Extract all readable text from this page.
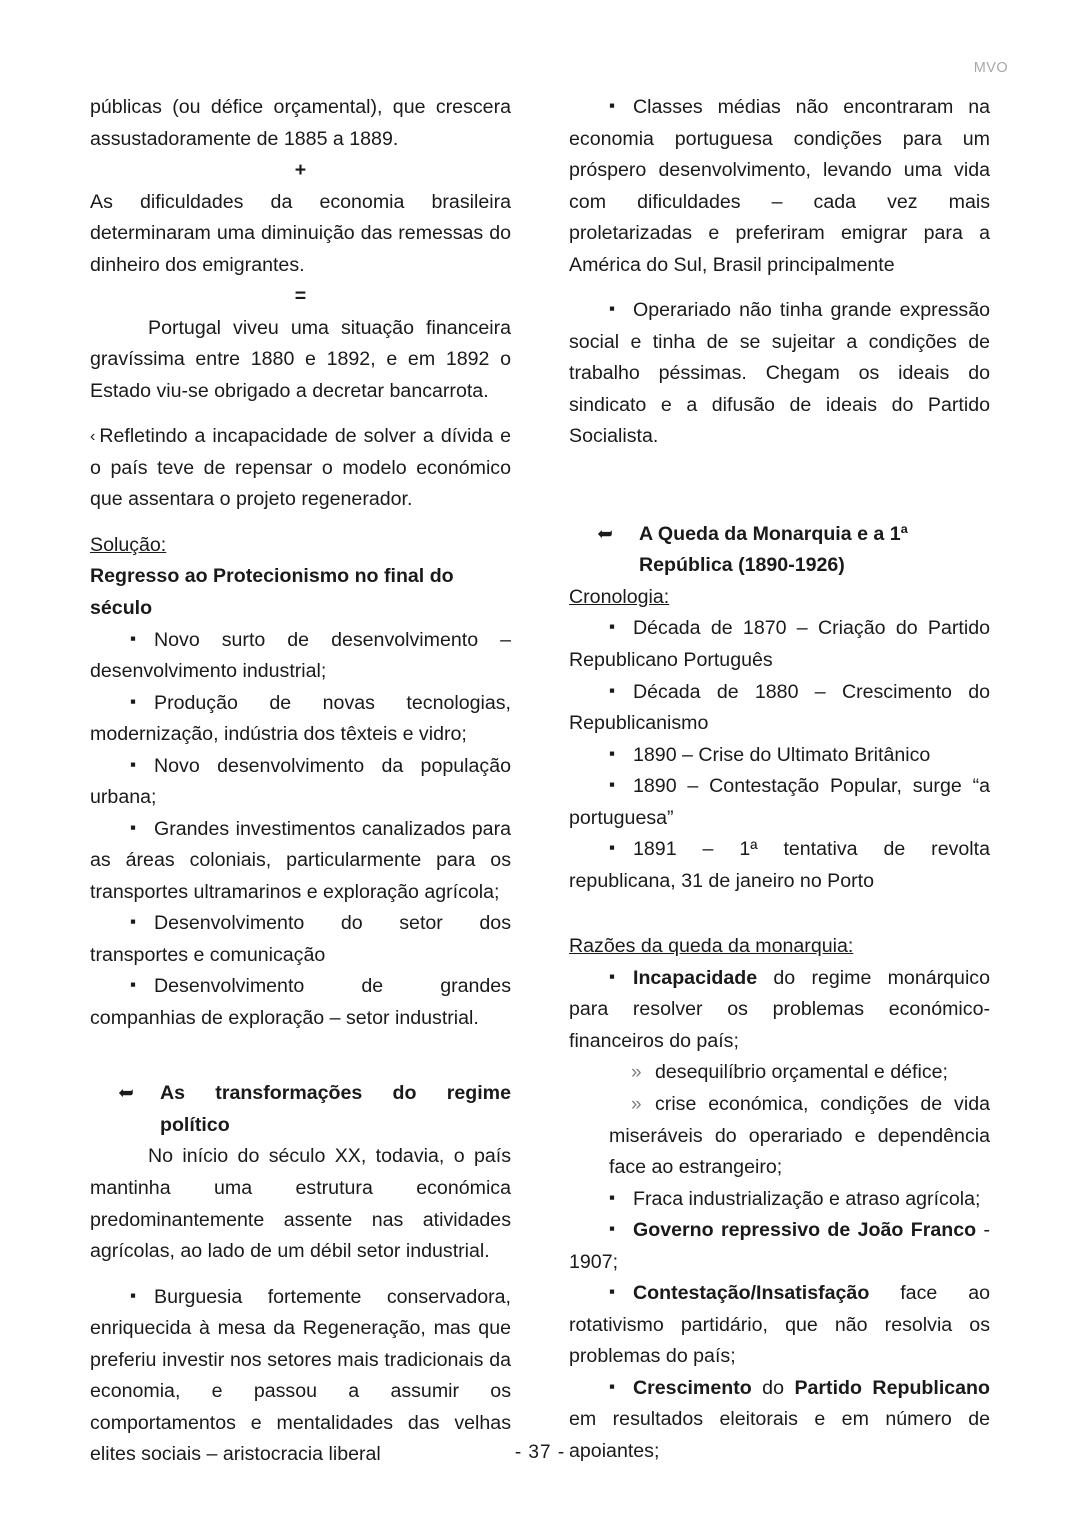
MVO

públicas (ou défice orçamental), que crescera assustadoramente de 1885 a 1889.

+

As dificuldades da economia brasileira determinaram uma diminuição das remessas do dinheiro dos emigrantes.

=

Portugal viveu uma situação financeira gravíssima entre 1880 e 1892, e em 1892 o Estado viu-se obrigado a decretar bancarrota.

‹ Refletindo a incapacidade de solver a dívida e o país teve de repensar o modelo económico que assentara o projeto regenerador.

Solução:

Regresso ao Protecionismo no final do século

▪Novo surto de desenvolvimento – desenvolvimento industrial;

▪Produção de novas tecnologias, modernização, indústria dos têxteis e vidro;

▪Novo desenvolvimento da população urbana;

▪Grandes investimentos canalizados para as áreas coloniais, particularmente para os transportes ultramarinos e exploração agrícola;

▪Desenvolvimento do setor dos transportes e comunicação

▪Desenvolvimento de grandes companhias de exploração – setor industrial.

➥ As transformações do regime político

No início do século XX, todavia, o país mantinha uma estrutura económica predominantemente assente nas atividades agrícolas, ao lado de um débil setor industrial.

▪Burguesia fortemente conservadora, enriquecida à mesa da Regeneração, mas que preferiu investir nos setores mais tradicionais da economia, e passou a assumir os comportamentos e mentalidades das velhas elites sociais – aristocracia liberal

▪Classes médias não encontraram na economia portuguesa condições para um próspero desenvolvimento, levando uma vida com dificuldades – cada vez mais proletarizadas e preferiram emigrar para a América do Sul, Brasil principalmente

▪Operariado não tinha grande expressão social e tinha de se sujeitar a condições de trabalho péssimas. Chegam os ideais do sindicato e a difusão de ideais do Partido Socialista.

➥ A Queda da Monarquia e a 1ª

República (1890-1926)

Cronologia:

▪Década de 1870 – Criação do Partido Republicano Português

▪Década de 1880 – Crescimento do Republicanismo

▪1890 – Crise do Ultimato Britânico

▪1890 – Contestação Popular, surge “a portuguesa”

▪1891 – 1ª tentativa de revolta republicana, 31 de janeiro no Porto

Razões da queda da monarquia:

▪Incapacidade do regime monárquico para resolver os problemas económico-financeiros do país;

»desequilíbrio orçamental e défice;

»crise económica, condições de vida miseráveis do operariado e dependência face ao estrangeiro;

▪Fraca industrialização e atraso agrícola;

▪Governo repressivo de João Franco - 1907;

▪Contestação/Insatisfação face ao rotativismo partidário, que não resolvia os problemas do país;

▪Crescimento do Partido Republicano em resultados eleitorais e em número de apoiantes;

- 37 -
